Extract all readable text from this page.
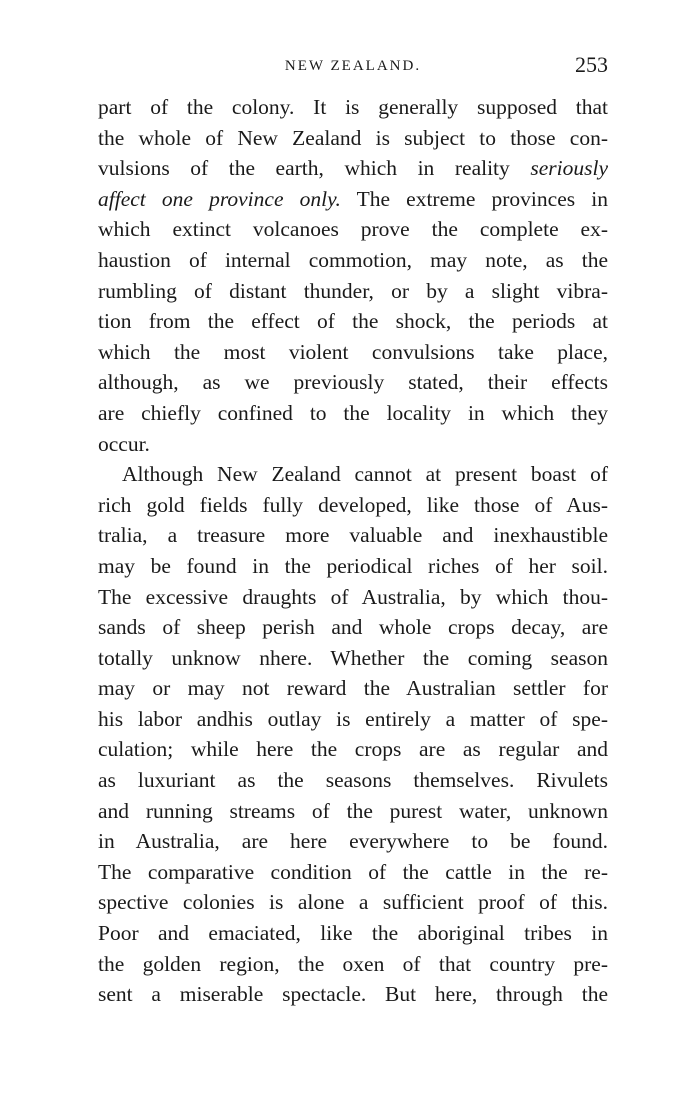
NEW ZEALAND.	253
part of the colony. It is generally supposed that
the whole of New Zealand is subject to those con-
vulsions of the earth, which in reality seriously
affect one province only. The extreme provinces in
which extinct volcanoes prove the complete ex-
haustion of internal commotion, may note, as the
rumbling of distant thunder, or by a slight vibra-
tion from the effect of the shock, the periods at
which the most violent convulsions take place,
although, as we previously stated, their effects
are chiefly confined to the locality in which they
occur.
Although New Zealand cannot at present boast of
rich gold fields fully developed, like those of Aus-
tralia, a treasure more valuable and inexhaustible
may be found in the periodical riches of her soil.
The excessive draughts of Australia, by which thou-
sands of sheep perish and whole crops decay, are
totally unknow nhere. Whether the coming season
may or may not reward the Australian settler for
his labor andhis outlay is entirely a matter of spe-
culation; while here the crops are as regular and
as luxuriant as the seasons themselves. Rivulets
and running streams of the purest water, unknown
in Australia, are here everywhere to be found.
The comparative condition of the cattle in the re-
spective colonies is alone a sufficient proof of this.
Poor and emaciated, like the aboriginal tribes in
the golden region, the oxen of that country pre-
sent a miserable spectacle. But here, through the
